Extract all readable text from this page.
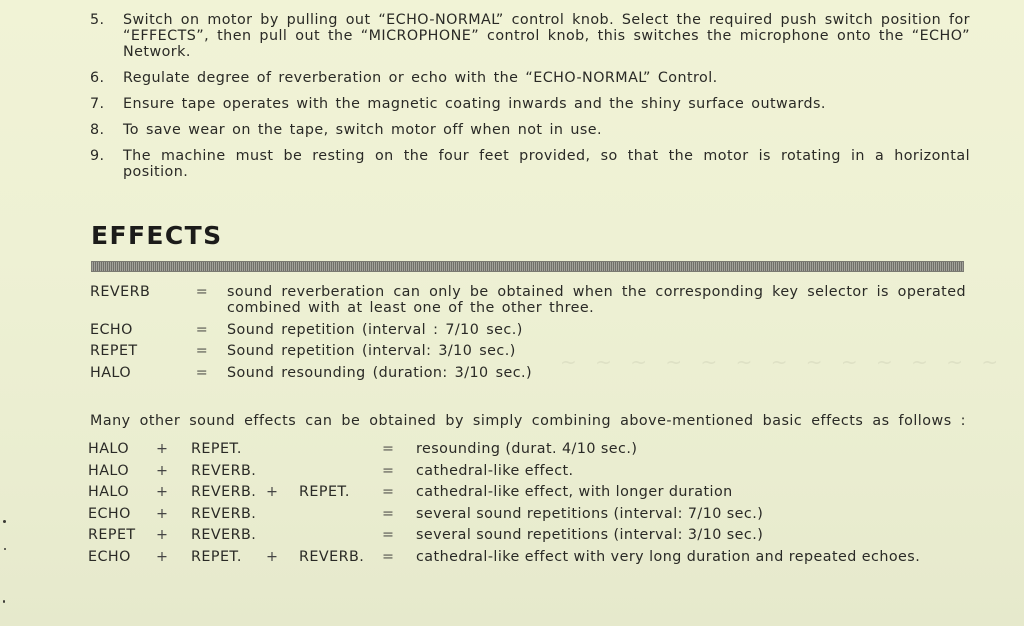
~ ~ ~ ~ ~ ~ ~ ~ ~ ~ ~ ~ ~
5.	Switch on motor by pulling out “ECHO-NORMAL” control knob. Select the required push switch position for “EFFECTS”, then pull out the “MICROPHONE” control knob, this switches the microphone onto the “ECHO” Network.
6.	Regulate degree of reverberation or echo with the “ECHO-NORMAL” Control.
7.	Ensure tape operates with the magnetic coating inwards and the shiny surface outwards.
8.	To save wear on the tape, switch motor off when not in use.
9.	The machine must be resting on the four feet provided, so that the motor is rotating in a horizontal position.
EFFECTS
REVERB	= sound reverberation can only be obtained when the corresponding key selector is operated combined with at least one of the other three.
ECHO	= Sound repetition (interval : 7/10 sec.)
REPET	= Sound repetition (interval: 3/10 sec.)
HALO	= Sound resounding (duration: 3/10 sec.)
Many other sound effects can be obtained by simply combining above-mentioned basic effects as follows :
HALO + REPET.	= resounding (durat. 4/10 sec.)
HALO + REVERB.	= cathedral-like effect.
HALO + REVERB. + REPET. = cathedral-like effect, with longer duration
ECHO + REVERB.	= several sound repetitions (interval: 7/10 sec.)
REPET + REVERB.	= several sound repetitions (interval: 3/10 sec.)
ECHO + REPET. + REVERB. = cathedral-like effect with very long duration and repeated echoes.
